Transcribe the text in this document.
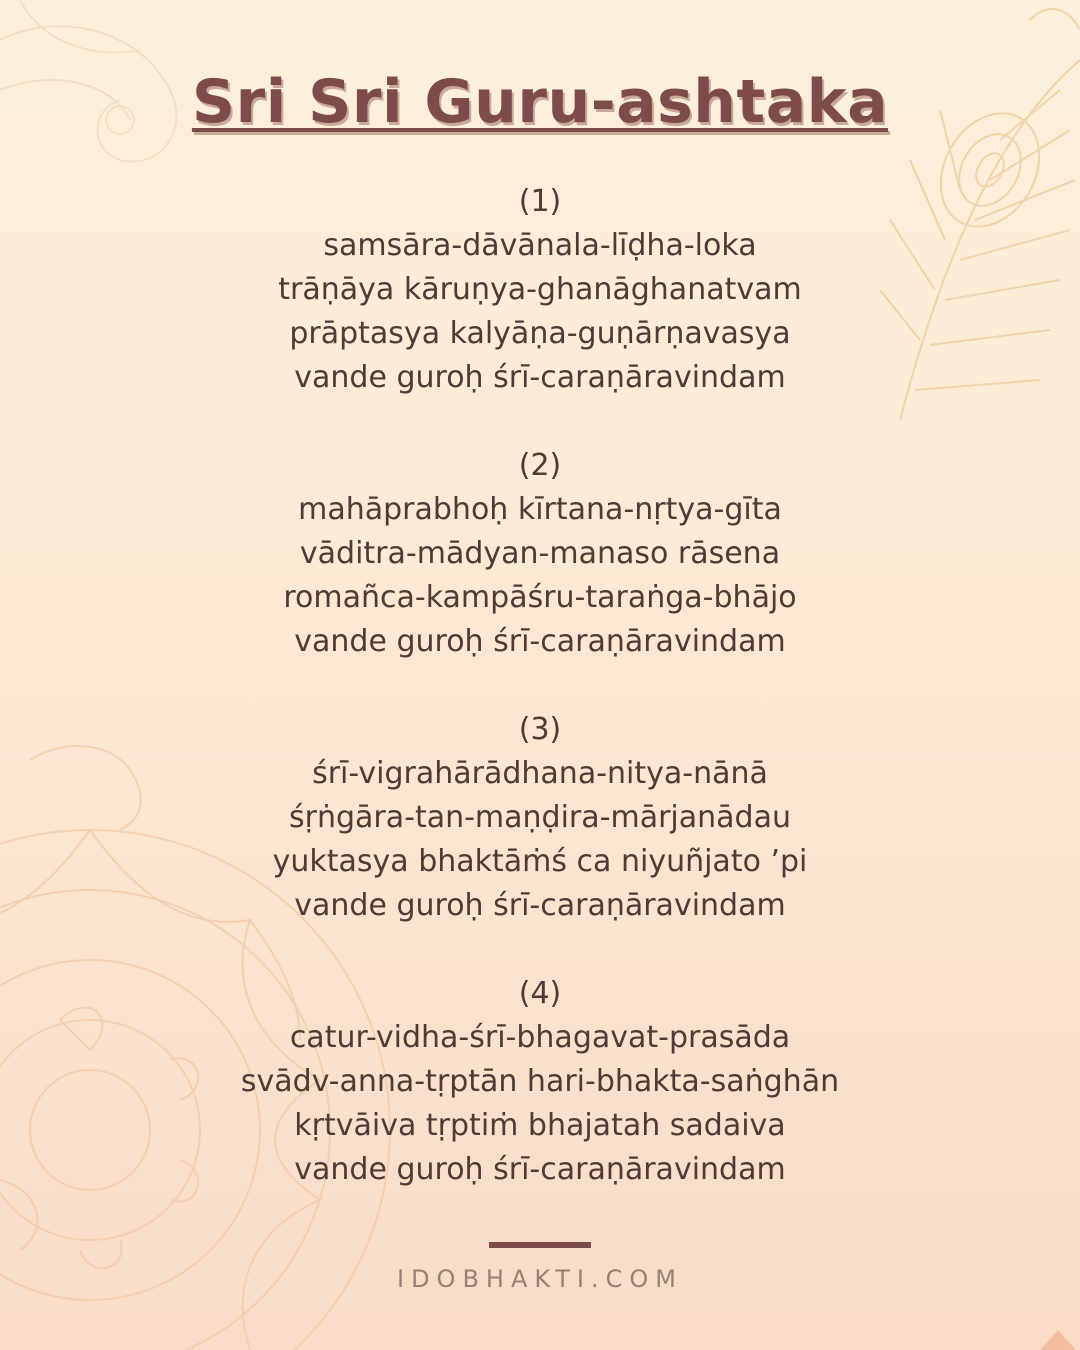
Sri Sri Guru-ashtaka
(1)
samsāra-dāvānala-līḍha-loka
trāṇāya kāruṇya-ghanāghanatvam
prāptasya kalyāṇa-guṇārṇavasya
vande guroḥ śrī-caraṇāravindam
(2)
mahāprabhoḥ kīrtana-nṛtya-gīta
vāditra-mādyan-manaso rāsena
romañca-kampāśru-taraṅga-bhājo
vande guroḥ śrī-caraṇāravindam
(3)
śrī-vigrahārādhana-nitya-nānā
śṛṅgāra-tan-maṇḍira-mārjanādau
yuktasya bhaktāṁś ca niyuñjato ’pi
vande guroḥ śrī-caraṇāravindam
(4)
catur-vidha-śrī-bhagavat-prasāda
svādv-anna-tṛptān hari-bhakta-saṅghān
kṛtvāiva tṛptiṁ bhajatah sadaiva
vande guroḥ śrī-caraṇāravindam
IDOBHAKTI.COM
